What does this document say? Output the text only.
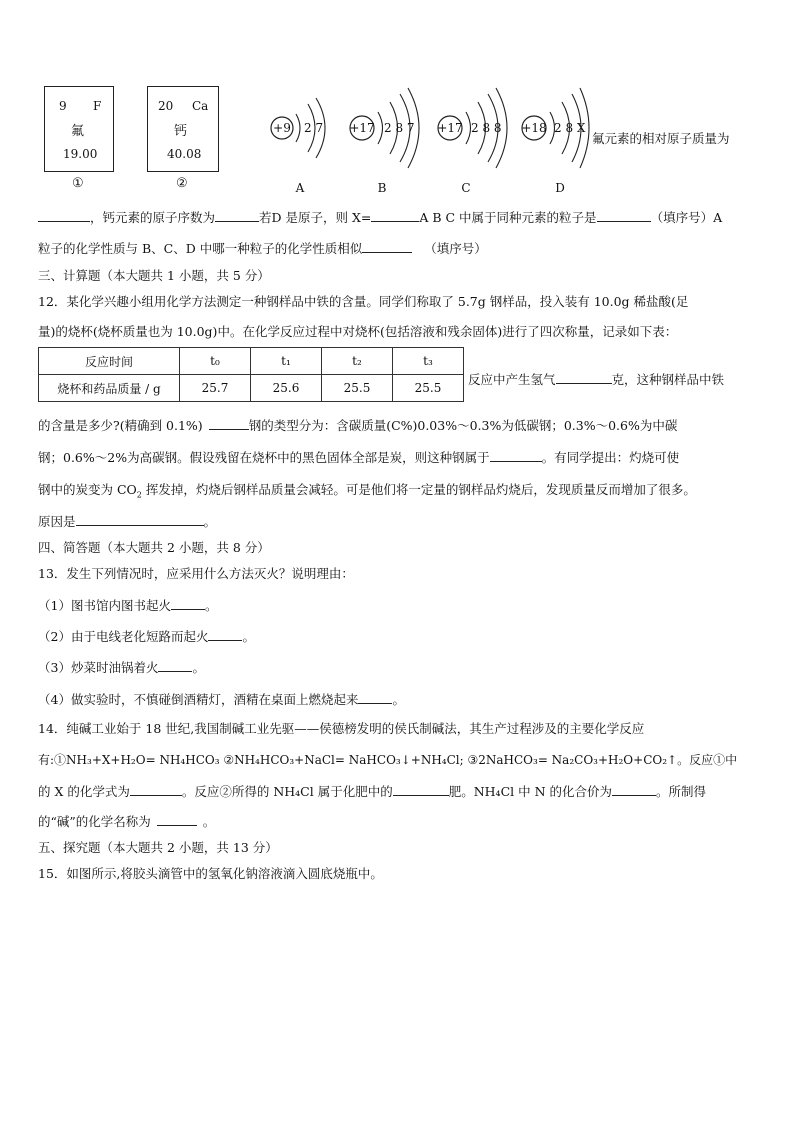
9 F
氟
19.00
①
20 Ca
钙
40.08
②
+9 2 7
A
+17 2 8 7
B
+17 2 8 8
C
+18 2 8 X
D
氟元素的相对原子质量为
，钙元素的原子序数为	若D 是原子，则 X=	A B C 中属于同种元素的粒子是	（填序号）A
粒子的化学性质与 B、C、D 中哪一种粒子的化学性质相似	（填序号）
三、计算题（本大题共 1 小题，共 5 分）
12．某化学兴趣小组用化学方法测定一种钢样品中铁的含量。同学们称取了 5.7g 钢样品，投入装有 10.0g 稀盐酸(足
量)的烧杯(烧杯质量也为 10.0g)中。在化学反应过程中对烧杯(包括溶液和残余固体)进行了四次称量，记录如下表：
反应时间	t₀	t₁	t₂	t₃
烧杯和药品质量 / g	25.7	25.6	25.5	25.5
反应中产生氢气	克，这种钢样品中铁
的含量是多少?(精确到 0.1%)	钢的类型分为：含碳质量(C%)0.03%～0.3%为低碳钢；0.3%～0.6%为中碳
钢；0.6%～2%为高碳钢。假设残留在烧杯中的黑色固体全部是炭，则这种钢属于	。有同学提出：灼烧可使
钢中的炭变为 $CO_2$ 挥发掉，灼烧后钢样品质量会减轻。可是他们将一定量的钢样品灼烧后，发现质量反而增加了很多。
原因是	。
四、简答题（本大题共 2 小题，共 8 分）
13．发生下列情况时，应采用什么方法灭火？说明理由：
（1）图书馆内图书起火	。
（2）由于电线老化短路而起火	。
（3）炒菜时油锅着火	。
（4）做实验时，不慎碰倒酒精灯，酒精在桌面上燃烧起来	。
14．纯碱工业始于 18 世纪,我国制碱工业先驱——侯德榜发明的侯氏制碱法，其生产过程涉及的主要化学反应
有:①NH₃+X+H₂O= NH₄HCO₃ ②NH₄HCO₃+NaCl= NaHCO₃↓+NH₄Cl; ③2NaHCO₃= Na₂CO₃+H₂O+CO₂↑。反应①中
的 X 的化学式为	。反应②所得的 NH₄Cl 属于化肥中的	肥。NH₄Cl 中 N 的化合价为	。所制得
的“碱”的化学名称为	。
五、探究题（本大题共 2 小题，共 13 分）
15．如图所示,将胶头滴管中的氢氧化钠溶液滴入圆底烧瓶中。
